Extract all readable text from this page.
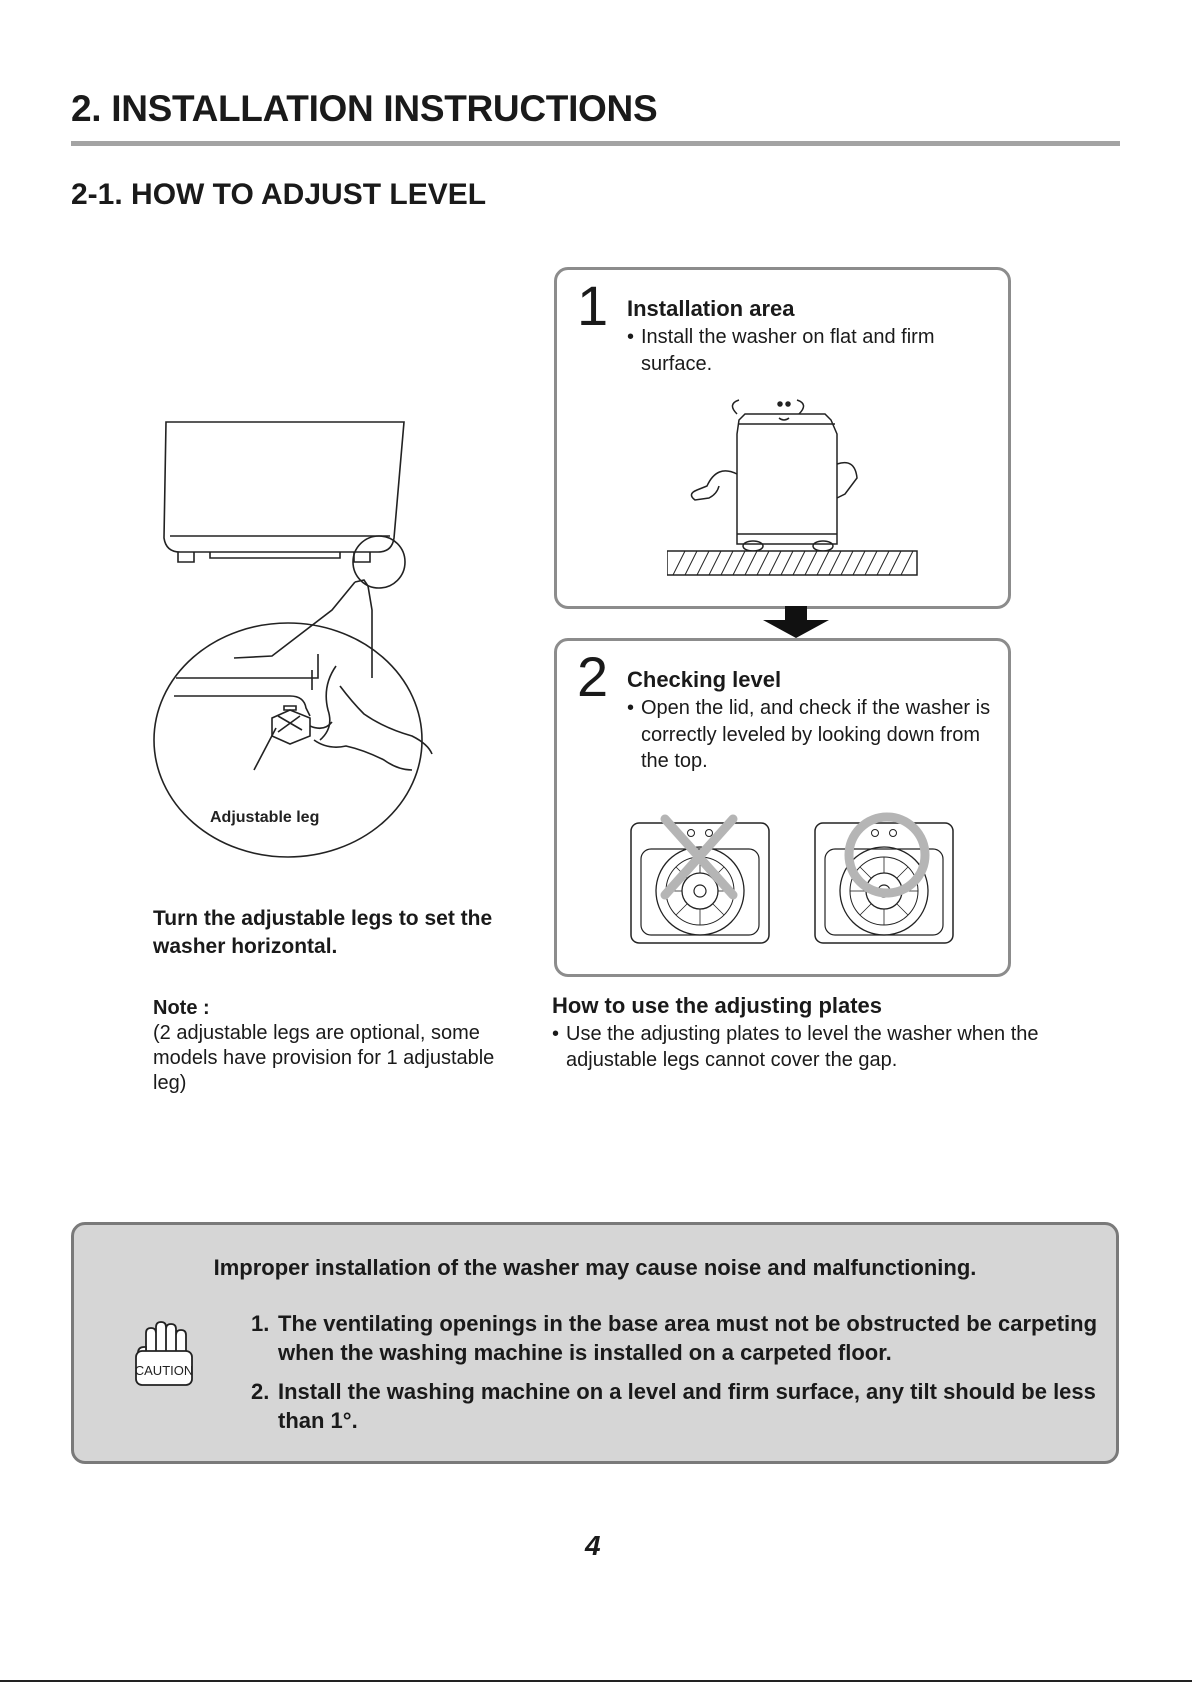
2. INSTALLATION INSTRUCTIONS
2-1. HOW TO ADJUST LEVEL
Adjustable leg
1 Installation area
• Install the washer on flat and firm surface.
2 Checking level
• Open the lid, and check if the washer is correctly leveled by looking down from the top.
Turn the adjustable legs to set the washer horizontal.
Note :
(2 adjustable legs are optional, some models have provision for 1 adjustable leg)
How to use the adjusting plates
• Use the adjusting plates to level the washer when the adjustable legs cannot cover the gap.
Improper installation of the washer may cause noise and malfunctioning.
CAUTION
1. The ventilating openings in the base area must not be obstructed be carpeting when the washing machine is installed on a carpeted floor.
2. Install the washing machine on a level and firm surface, any tilt should be less than 1°.
4
